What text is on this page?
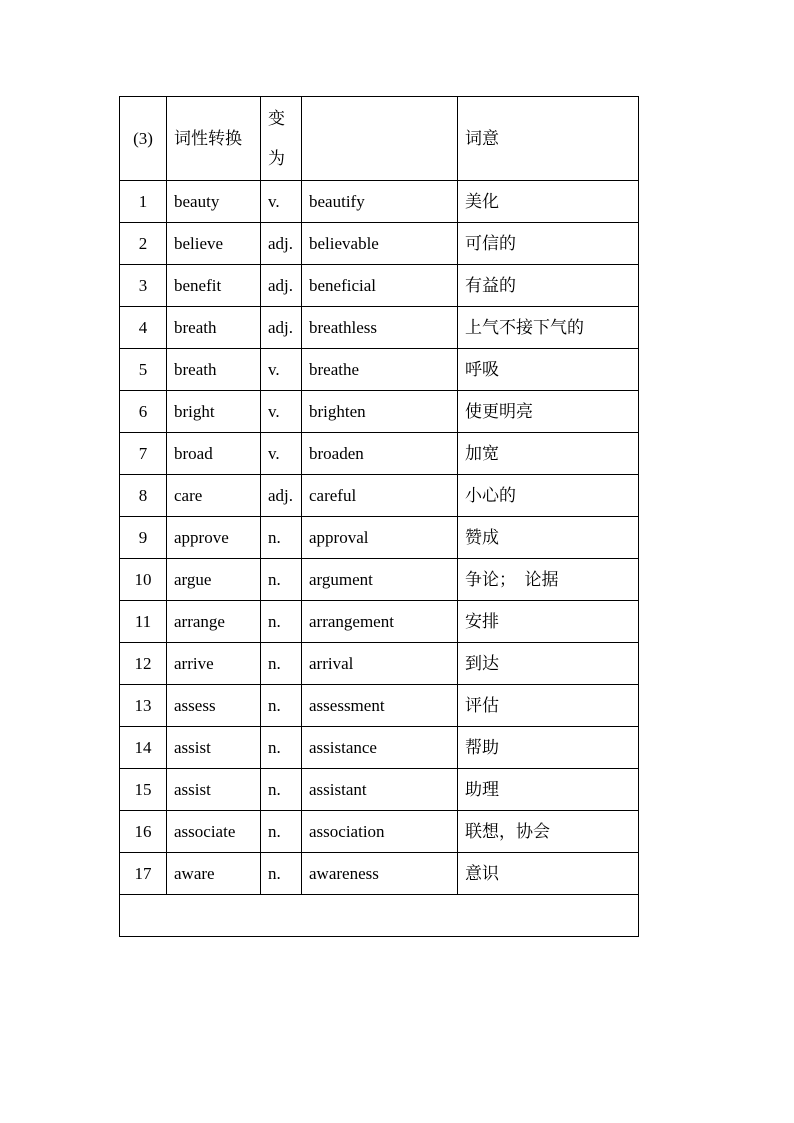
(3)	词性转换	变为		词意
1	beauty	v.	beautify	美化
2	believe	adj.	believable	可信的
3	benefit	adj.	beneficial	有益的
4	breath	adj.	breathless	上气不接下气的
5	breath	v.	breathe	呼吸
6	bright	v.	brighten	使更明亮
7	broad	v.	broaden	加宽
8	care	adj.	careful	小心的
9	approve	n.	approval	赞成
10	argue	n.	argument	争论；　论据
11	arrange	n.	arrangement	安排
12	arrive	n.	arrival	到达
13	assess	n.	assessment	评估
14	assist	n.	assistance	帮助
15	assist	n.	assistant	助理
16	associate	n.	association	联想，协会
17	aware	n.	awareness	意识
